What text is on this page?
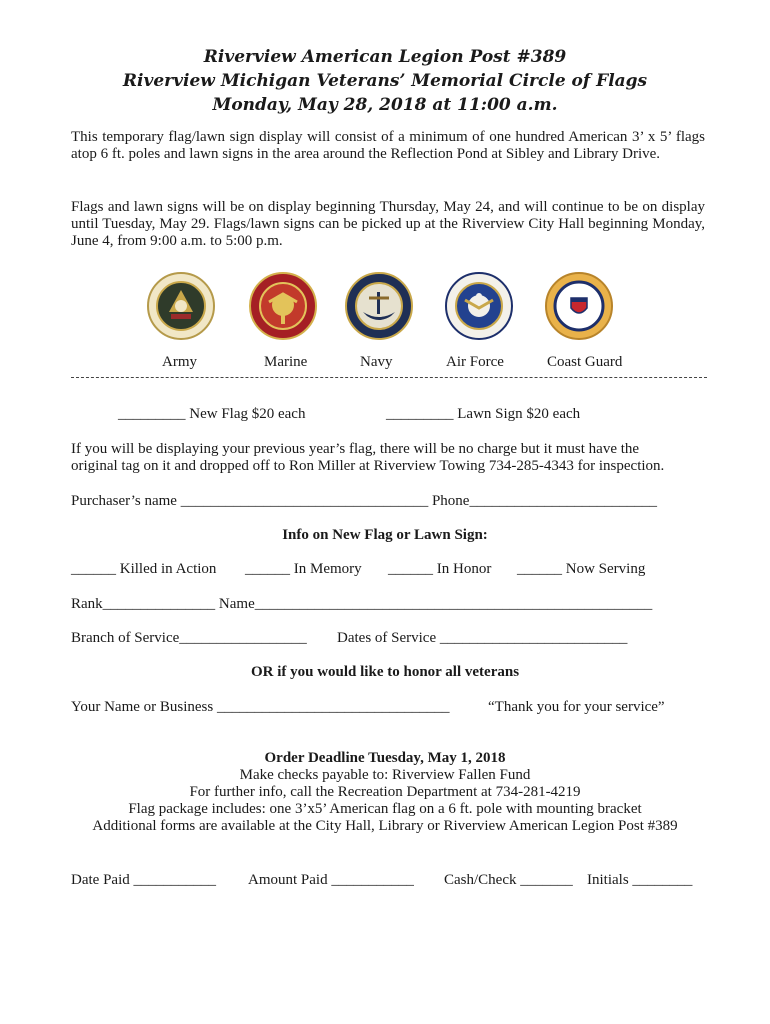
Riverview American Legion Post #389
Riverview Michigan Veterans’ Memorial Circle of Flags
Monday, May 28, 2018 at 11:00 a.m.
This temporary flag/lawn sign display will consist of a minimum of one hundred American 3’ x 5’ flags atop 6 ft. poles and lawn signs in the area around the Reflection Pond at Sibley and Library Drive.
Flags and lawn signs will be on display beginning Thursday, May 24, and will continue to be on display until Tuesday, May 29. Flags/lawn signs can be picked up at the Riverview City Hall beginning Monday, June 4, from 9:00 a.m. to 5:00 p.m.
Army	Marine	Navy	Air Force	Coast Guard
_________ New Flag $20 each	_________ Lawn Sign $20 each
If you will be displaying your previous year’s flag, there will be no charge but it must have the
original tag on it and dropped off to Ron Miller at Riverview Towing 734-285-4343 for inspection.
Purchaser’s name _________________________________ Phone_________________________
Info on New Flag or Lawn Sign:
______ Killed in Action ______ In Memory ______ In Honor ______ Now Serving
Rank_______________ Name_____________________________________________________
Branch of Service_________________ Dates of Service _________________________
OR if you would like to honor all veterans
Your Name or Business _______________________________	“Thank you for your service”
Order Deadline Tuesday, May 1, 2018
Make checks payable to: Riverview Fallen Fund
For further info, call the Recreation Department at 734-281-4219
Flag package includes: one 3’x5’ American flag on a 6 ft. pole with mounting bracket
Additional forms are available at the City Hall, Library or Riverview American Legion Post #389
Date Paid ___________ Amount Paid ___________ Cash/Check _______ Initials ________
